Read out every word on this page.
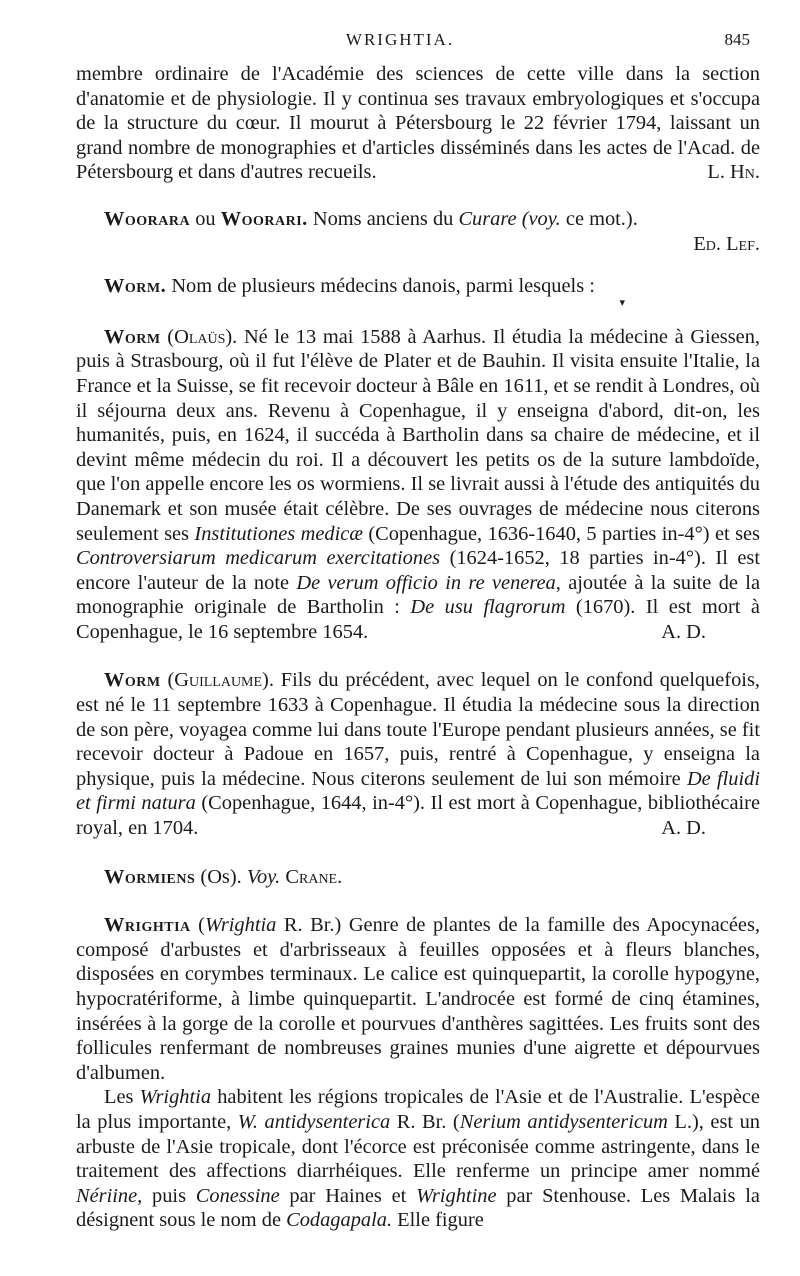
WRIGHTIA.	845

membre ordinaire de l'Académie des sciences de cette ville dans la section d'anatomie et de physiologie. Il y continua ses travaux embryologiques et s'occupa de la structure du cœur. Il mourut à Pétersbourg le 22 février 1794, laissant un grand nombre de monographies et d'articles disséminés dans les actes de l'Acad. de Pétersbourg et dans d'autres recueils.	L. Hn.

Woorara ou Woorari. Noms anciens du Curare (voy. ce mot.).

Ed. Lef.

Worm. Nom de plusieurs médecins danois, parmi lesquels :

▾

Worm (Olaüs). Né le 13 mai 1588 à Aarhus. Il étudia la médecine à Giessen, puis à Strasbourg, où il fut l'élève de Plater et de Bauhin. Il visita ensuite l'Italie, la France et la Suisse, se fit recevoir docteur à Bâle en 1611, et se rendit à Londres, où il séjourna deux ans. Revenu à Copenhague, il y enseigna d'abord, dit-on, les humanités, puis, en 1624, il succéda à Bartholin dans sa chaire de médecine, et il devint même médecin du roi. Il a découvert les petits os de la suture lambdoïde, que l'on appelle encore les os wormiens. Il se livrait aussi à l'étude des antiquités du Danemark et son musée était célèbre. De ses ouvrages de médecine nous citerons seulement ses Institutiones medicæ (Copenhague, 1636-1640, 5 parties in-4°) et ses Controversiarum medicarum exercitationes (1624-1652, 18 parties in-4°). Il est encore l'auteur de la note De verum officio in re venerea, ajoutée à la suite de la monographie originale de Bartholin : De usu flagrorum (1670). Il est mort à Copenhague, le 16 septembre 1654.	A. D.

Worm (Guillaume). Fils du précédent, avec lequel on le confond quelquefois, est né le 11 septembre 1633 à Copenhague. Il étudia la médecine sous la direction de son père, voyagea comme lui dans toute l'Europe pendant plusieurs années, se fit recevoir docteur à Padoue en 1657, puis, rentré à Copenhague, y enseigna la physique, puis la médecine. Nous citerons seulement de lui son mémoire De fluidi et firmi natura (Copenhague, 1644, in-4°). Il est mort à Copenhague, bibliothécaire royal, en 1704.	A. D.

Wormiens (Os). Voy. Crane.

Wrightia (Wrightia R. Br.) Genre de plantes de la famille des Apocynacées, composé d'arbustes et d'arbrisseaux à feuilles opposées et à fleurs blanches, disposées en corymbes terminaux. Le calice est quinquepartit, la corolle hypogyne, hypocratériforme, à limbe quinquepartit. L'androcée est formé de cinq étamines, insérées à la gorge de la corolle et pourvues d'anthères sagittées. Les fruits sont des follicules renfermant de nombreuses graines munies d'une aigrette et dépourvues d'albumen.

Les Wrightia habitent les régions tropicales de l'Asie et de l'Australie. L'espèce la plus importante, W. antidysenterica R. Br. (Nerium antidysentericum L.), est un arbuste de l'Asie tropicale, dont l'écorce est préconisée comme astringente, dans le traitement des affections diarrhéiques. Elle renferme un principe amer nommé Nériine, puis Conessine par Haines et Wrightine par Stenhouse. Les Malais la désignent sous le nom de Codagapala. Elle figure
